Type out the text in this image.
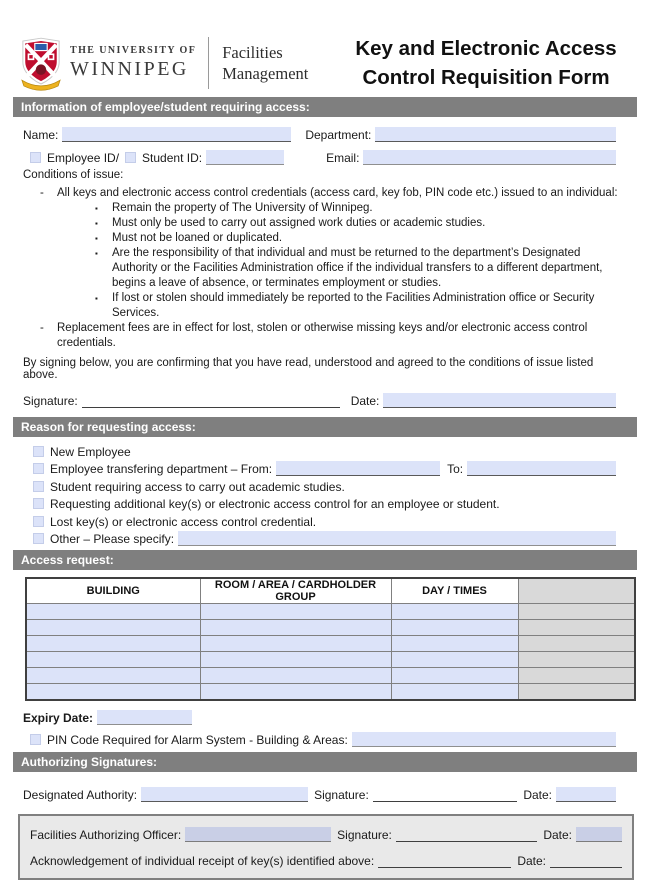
THE UNIVERSITY OF
WINNIPEG
Facilities
Management
Key and Electronic Access
Control Requisition Form
Information of employee/student requiring access:
Name:	Department:
Employee ID/ Student ID:	Email:
Conditions of issue:
-	All keys and electronic access control credentials (access card, key fob, PIN code etc.) issued to an individual:
▪	Remain the property of The University of Winnipeg.
▪	Must only be used to carry out assigned work duties or academic studies.
▪	Must not be loaned or duplicated.
▪	Are the responsibility of that individual and must be returned to the department’s Designated Authority or the Facilities Administration office if the individual transfers to a different department, begins a leave of absence, or terminates employment or studies.
▪	If lost or stolen should immediately be reported to the Facilities Administration office or Security Services.
-	Replacement fees are in effect for lost, stolen or otherwise missing keys and/or electronic access control credentials.
By signing below, you are confirming that you have read, understood and agreed to the conditions of issue listed above.
Signature:	Date:
Reason for requesting access:
New Employee
Employee transfering department – From:	To:
Student requiring access to carry out academic studies.
Requesting additional key(s) or electronic access control for an employee or student.
Lost key(s) or electronic access control credential.
Other – Please specify:
Access request:
BUILDING	ROOM / AREA / CARDHOLDER GROUP	DAY / TIMES	

Expiry Date:
PIN Code Required for Alarm System - Building & Areas:
Authorizing Signatures:
Designated Authority:	Signature:	Date:
Facilities Authorizing Officer:	Signature:	Date:
Acknowledgement of individual receipt of key(s) identified above:	Date:
